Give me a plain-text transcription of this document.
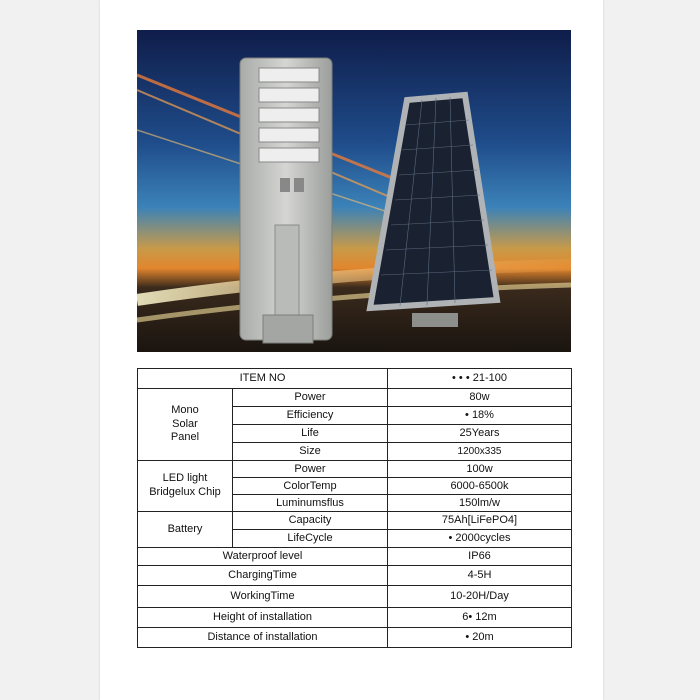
ITEM NO		• • • 21-100
Mono
Solar
Panel	Power	80w
	Efficiency	• 18%
	Life	25Years
	Size	1200x335
LED light
Bridgelux Chip	Power	100w
	ColorTemp	6000-6500k
	Luminumsflus	150lm/w
Battery	Capacity	75Ah[LiFePO4]
	LifeCycle	• 2000cycles
Waterproof level		IP66
ChargingTime		4-5H
WorkingTime		10-20H/Day
Height of installation		6• 12m
Distance of installation		• 20m
